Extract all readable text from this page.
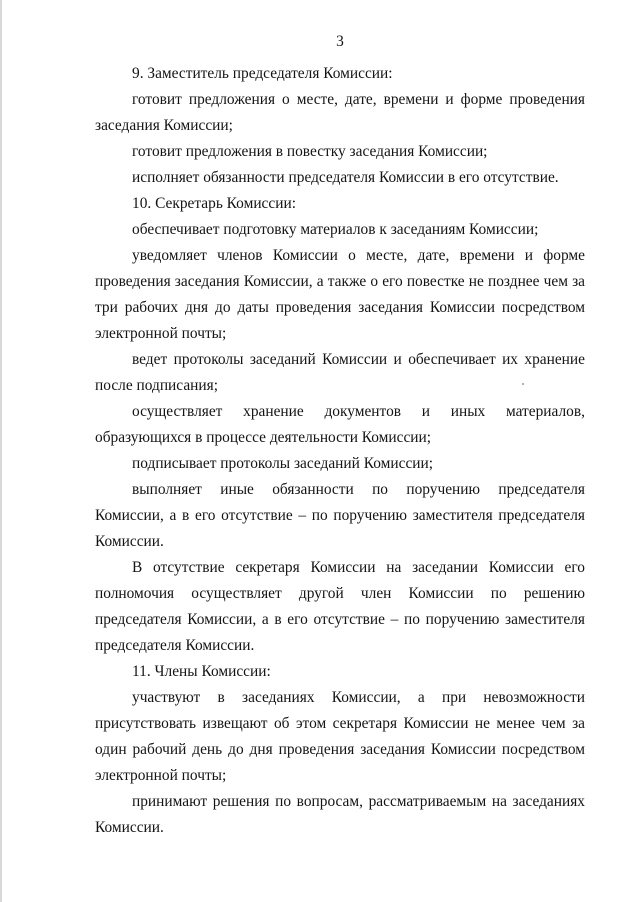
3

9. Заместитель председателя Комиссии:

готовит предложения о месте, дате, времени и форме проведения заседания Комиссии;

готовит предложения в повестку заседания Комиссии;

исполняет обязанности председателя Комиссии в его отсутствие.

10. Секретарь Комиссии:

обеспечивает подготовку материалов к заседаниям Комиссии;

уведомляет членов Комиссии о месте, дате, времени и форме проведения заседания Комиссии, а также о его повестке не позднее чем за три рабочих дня до даты проведения заседания Комиссии посредством электронной почты;

ведет протоколы заседаний Комиссии и обеспечивает их хранение после подписания;

осуществляет хранение документов и иных материалов, образующихся в процессе деятельности Комиссии;

подписывает протоколы заседаний Комиссии;

выполняет иные обязанности по поручению председателя Комиссии, а в его отсутствие – по поручению заместителя председателя Комиссии.

В отсутствие секретаря Комиссии на заседании Комиссии его полномочия осуществляет другой член Комиссии по решению председателя Комиссии, а в его отсутствие – по поручению заместителя председателя Комиссии.

11. Члены Комиссии:

участвуют в заседаниях Комиссии, а при невозможности присутствовать извещают об этом секретаря Комиссии не менее чем за один рабочий день до дня проведения заседания Комиссии посредством электронной почты;

принимают решения по вопросам, рассматриваемым на заседаниях Комиссии.
